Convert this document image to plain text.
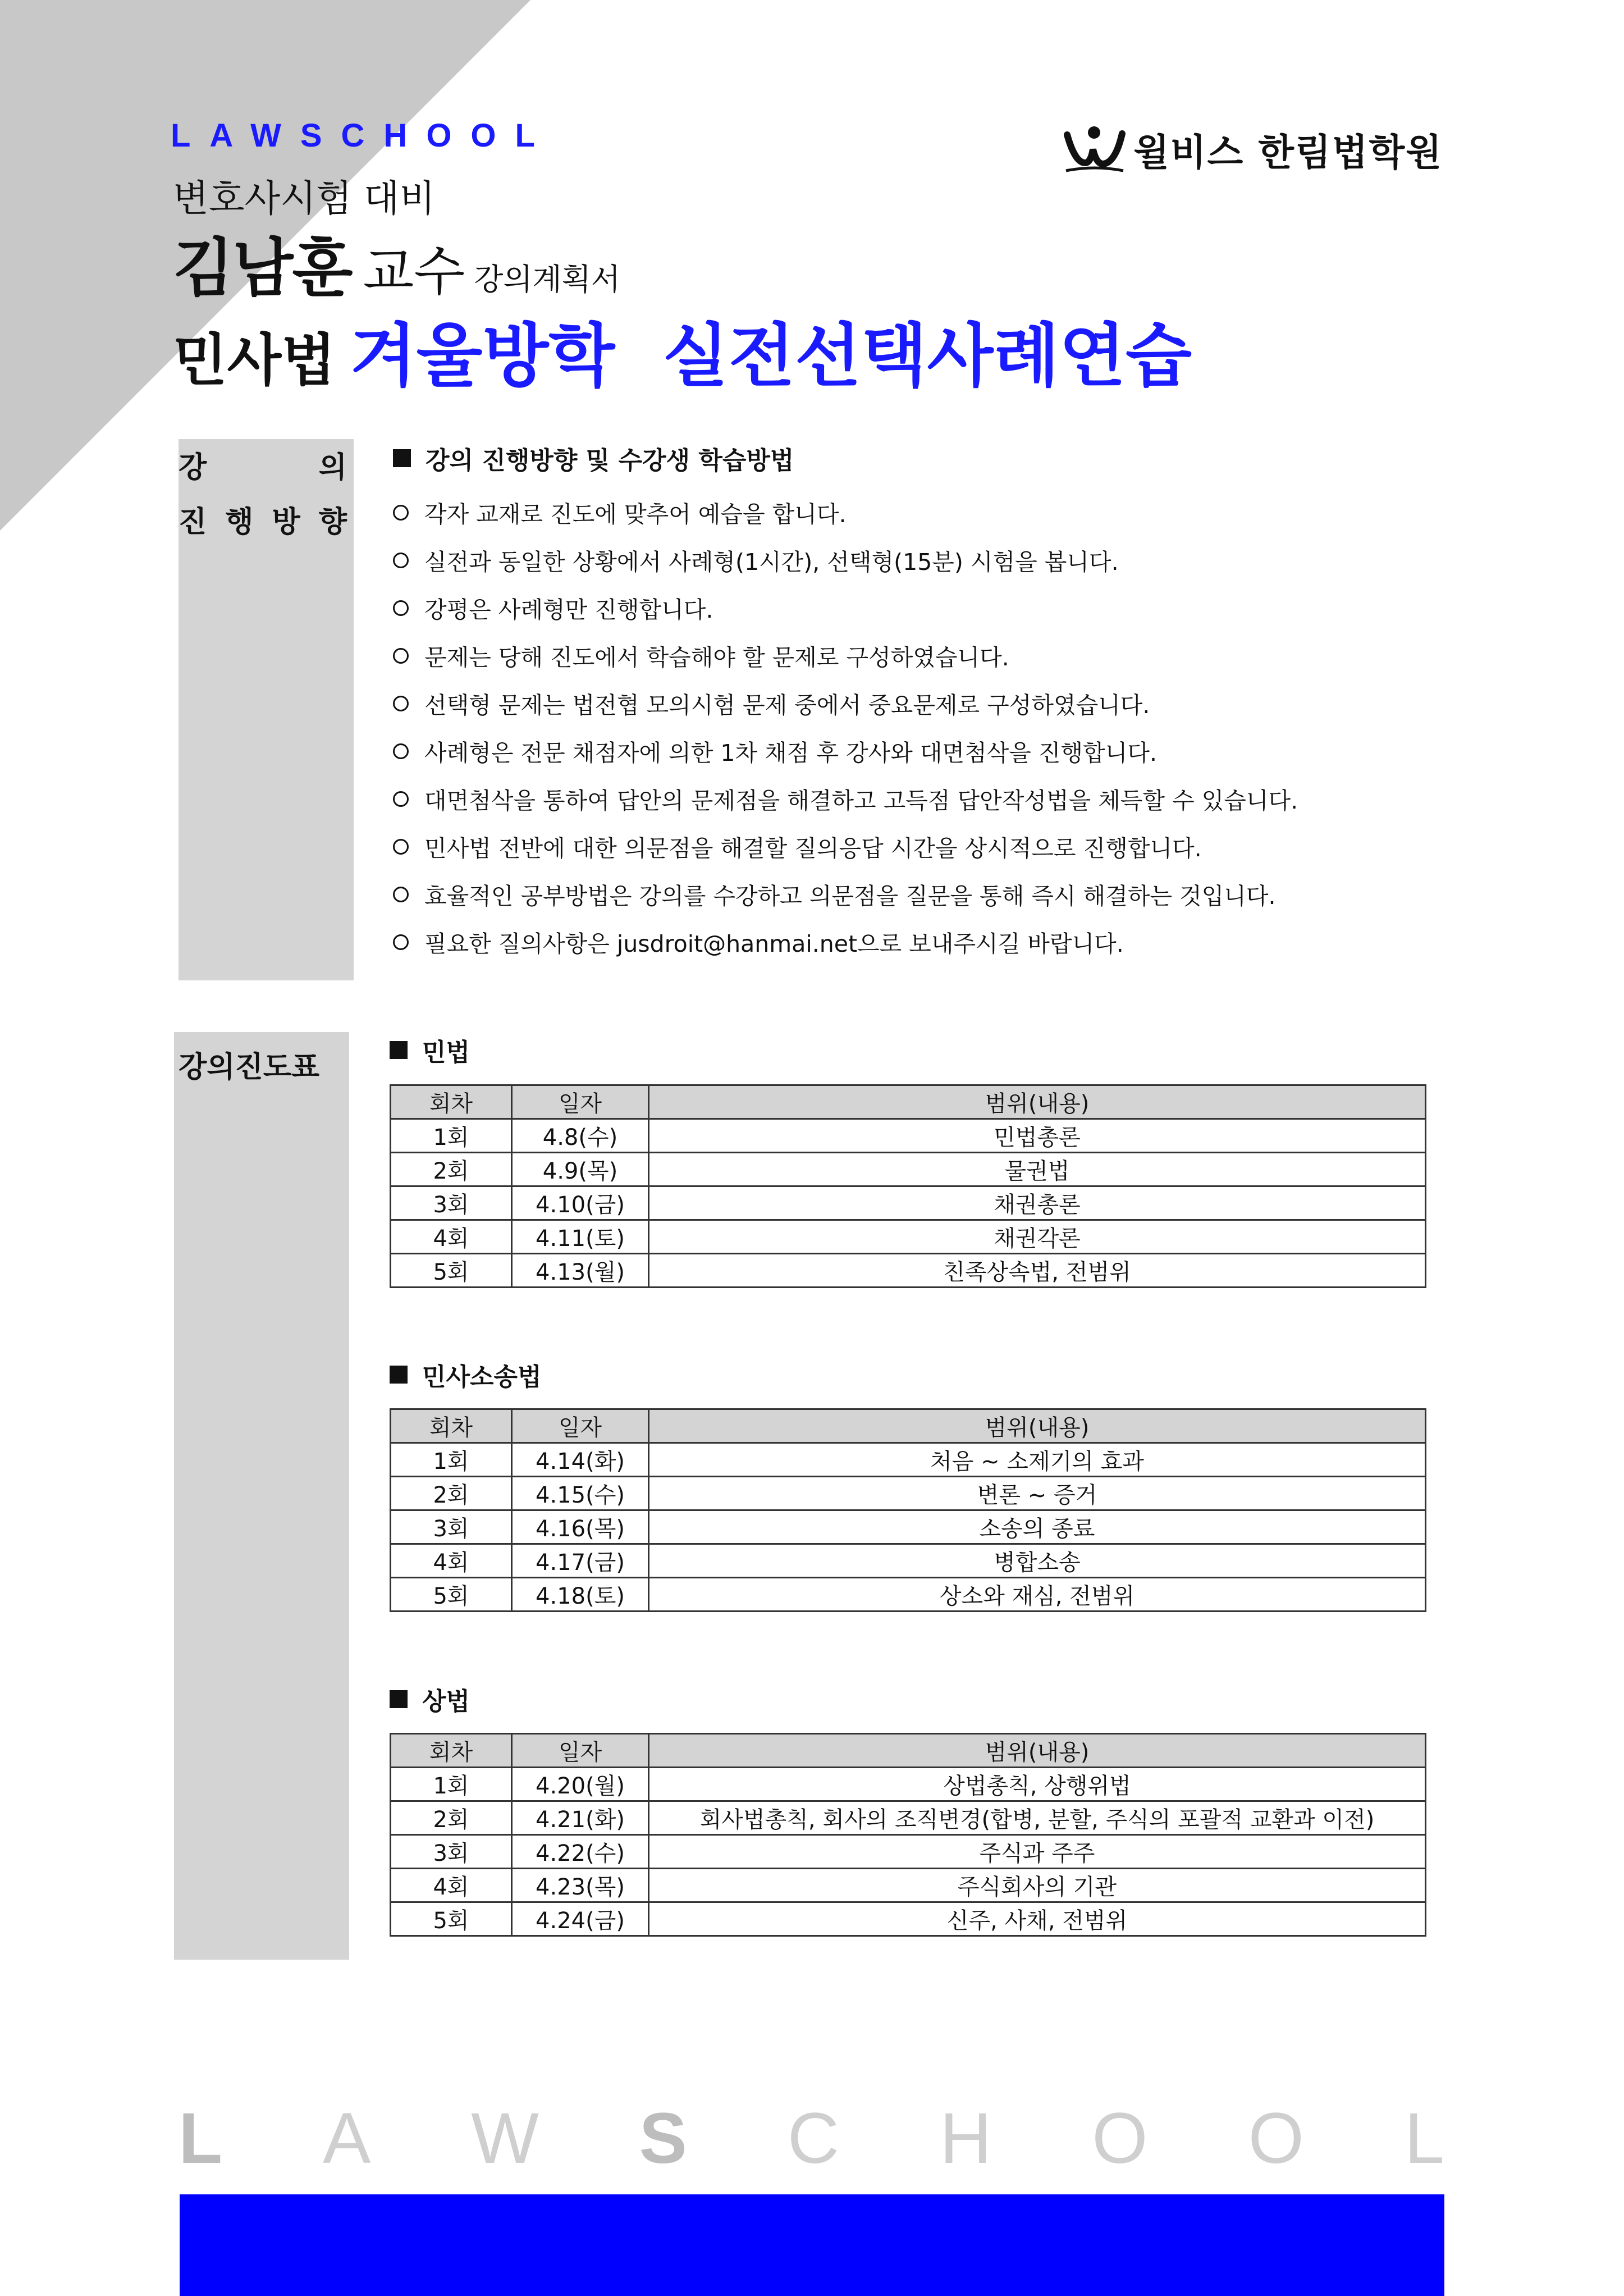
LAWSCHOOL	윌비스 한림법학원
변호사시험 대비
김남훈 교수 강의계획서
민사법 겨울방학  실전선택사례연습
강	의
진 행 방 향
강의 진행방향 및 수강생 학습방법
각자 교재로 진도에 맞추어 예습을 합니다.
실전과 동일한 상황에서 사례형(1시간), 선택형(15분) 시험을 봅니다.
강평은 사례형만 진행합니다.
문제는 당해 진도에서 학습해야 할 문제로 구성하였습니다.
선택형 문제는 법전협 모의시험 문제 중에서 중요문제로 구성하였습니다.
사례형은 전문 채점자에 의한 1차 채점 후 강사와 대면첨삭을 진행합니다.
대면첨삭을 통하여 답안의 문제점을 해결하고 고득점 답안작성법을 체득할 수 있습니다.
민사법 전반에 대한 의문점을 해결할 질의응답 시간을 상시적으로 진행합니다.
효율적인 공부방법은 강의를 수강하고 의문점을 질문을 통해 즉시 해결하는 것입니다.
필요한 질의사항은 jusdroit@hanmai.net으로 보내주시길 바랍니다.
강의진도표	민법
회차	일자	범위(내용)
1회	4.8(수)	민법총론
2회	4.9(목)	물권법
3회	4.10(금)	채권총론
4회	4.11(토)	채권각론
5회	4.13(월)	친족상속법, 전범위
민사소송법
회차	일자	범위(내용)
1회	4.14(화)	처음 ~ 소제기의 효과
2회	4.15(수)	변론 ~ 증거
3회	4.16(목)	소송의 종료
4회	4.17(금)	병합소송
5회	4.18(토)	상소와 재심, 전범위
상법
회차	일자	범위(내용)
1회	4.20(월)	상법총칙, 상행위법
2회	4.21(화)	회사법총칙, 회사의 조직변경(합병, 분할, 주식의 포괄적 교환과 이전)
3회	4.22(수)	주식과 주주
4회	4.23(목)	주식회사의 기관
5회	4.24(금)	신주, 사채, 전범위
L A W S C H O O L
